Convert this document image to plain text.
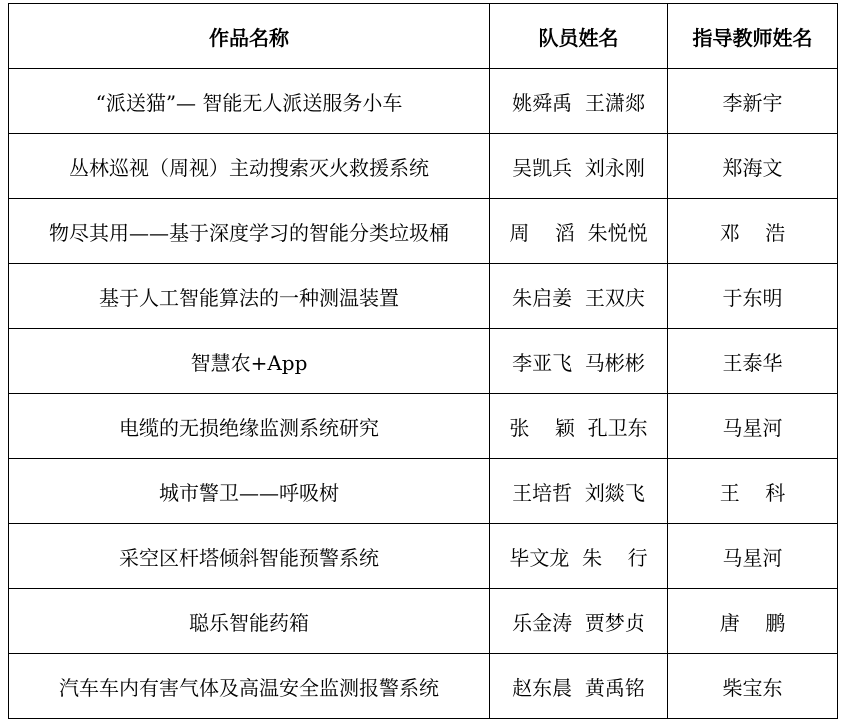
作品名称	队员姓名	指导教师姓名
“派送猫”— 智能无人派送服务小车	姚舜禹  王潇郯	李新宇
丛林巡视（周视）主动搜索灭火救援系统	吴凯兵  刘永刚	郑海文
物尽其用——基于深度学习的智能分类垃圾桶	周    滔  朱悦悦	邓    浩
基于人工智能算法的一种测温装置	朱启姜  王双庆	于东明
智慧农+App	李亚飞  马彬彬	王泰华
电缆的无损绝缘监测系统研究	张    颖  孔卫东	马星河
城市警卫——呼吸树	王培哲  刘燚飞	王    科
采空区杆塔倾斜智能预警系统	毕文龙  朱    行	马星河
聪乐智能药箱	乐金涛  贾梦贞	唐    鹏
汽车车内有害气体及高温安全监测报警系统	赵东晨  黄禹铭	柴宝东
